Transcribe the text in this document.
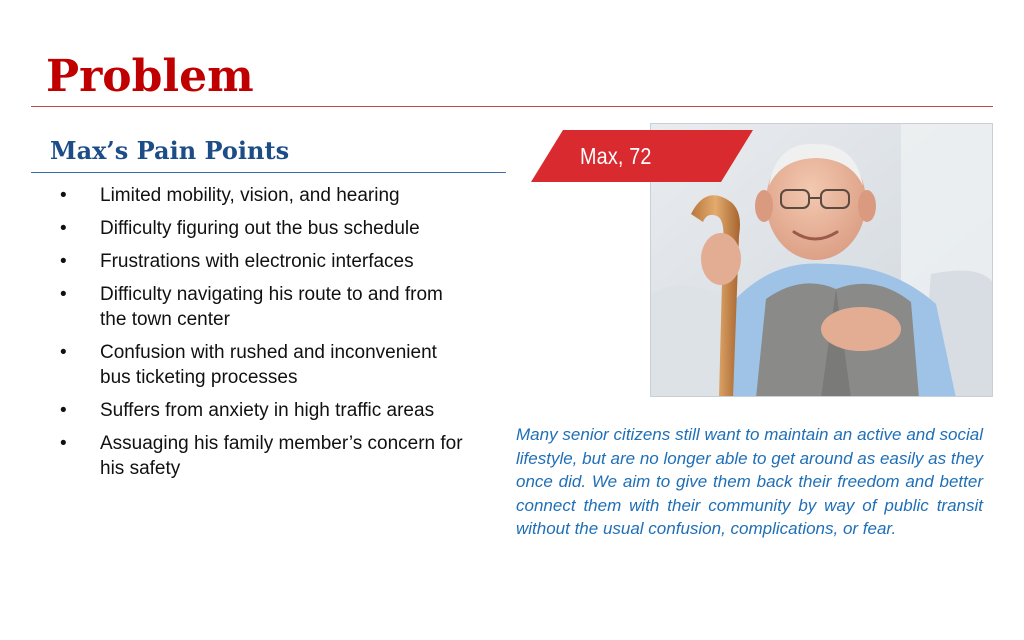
Problem
Max’s Pain Points
•	Limited mobility, vision, and hearing
•	Difficulty figuring out the bus schedule
•	Frustrations with electronic interfaces
•	Difficulty navigating his route to and from the town center
•	Confusion with rushed and inconvenient bus ticketing processes
•	Suffers from anxiety in high traffic areas
•	Assuaging his family member’s concern for his safety
Max, 72

Many senior citizens still want to maintain an active and social lifestyle, but are no longer able to get around as easily as they once did. We aim to give them back their freedom and better connect them with their community by way of public transit without the usual confusion, complications, or fear.
